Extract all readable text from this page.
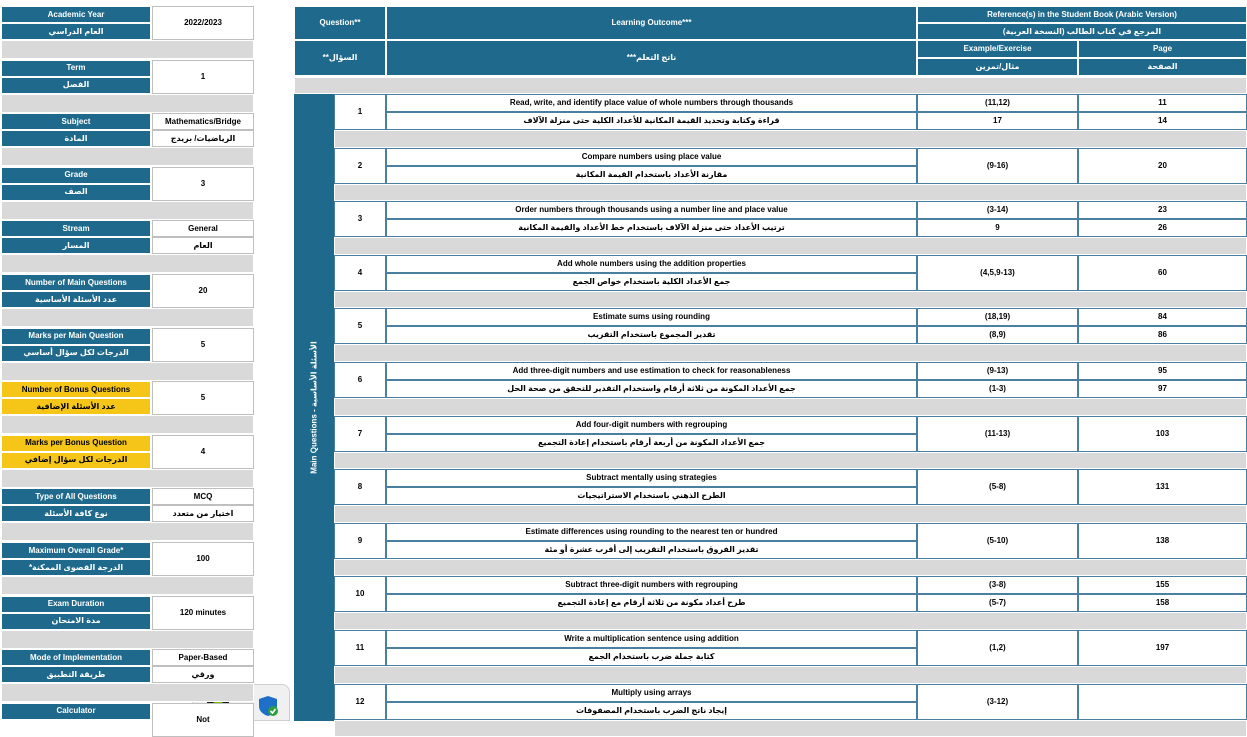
Academic Year
العام الدراسي
2022/2023
Term
الفصل
1
Subject
المادة
Mathematics/Bridge
الرياضيات/ بريدج
Grade
الصف
3
Stream
المسار
General
العام
Number of Main Questions
عدد الأسئلة الأساسية
20
Marks per Main Question
الدرجات لكل سؤال أساسي
5
Number of Bonus Questions
عدد الأسئلة الإضافية
5
Marks per Bonus Question
الدرجات لكل سؤال إضافي
4
Type of All Questions
نوع كافة الأسئلة
MCQ
اختيار من متعدد
Maximum Overall Grade*
الدرجة القصوى الممكنة*
100
Exam Duration
مدة الامتحان
120 minutes
Mode of Implementation
طريقة التطبيق
Paper-Based
ورقي
Calculator
Not
Question**
السؤال**
Learning Outcome***
ناتج التعلم***
Reference(s) in the Student Book (Arabic Version)
المرجع في كتاب الطالب (النسخة العربية)
Example/Exercise
مثال/تمرين
Page
الصفحة
Main Questions - الأسئلة الأساسية
1
Read, write, and identify place value of whole numbers through thousands
قراءة وكتابة وتحديد القيمة المكانية للأعداد الكلية حتى منزلة الآلاف
(11,12)	11
17	14
2
Compare numbers using place value
مقارنة الأعداد باستخدام القيمة المكانية
(9-16)	20
3
Order numbers through thousands using a number line and place value
ترتيب الأعداد حتى منزلة الآلاف باستخدام خط الأعداد والقيمة المكانية
(3-14)	23
9	26
4
Add whole numbers using the addition properties
جمع الأعداد الكلية باستخدام خواص الجمع
(4,5,9-13)	60
5
Estimate sums using rounding
تقدير المجموع باستخدام التقريب
(18,19)	84
(8,9)	86
6
Add three-digit numbers and use estimation to check for reasonableness
جمع الأعداد المكونة من ثلاثة أرقام واستخدام التقدير للتحقق من صحة الحل
(9-13)	95
(1-3)	97
7
Add four-digit numbers with regrouping
جمع الأعداد المكونة من أربعة أرقام باستخدام إعادة التجميع
(11-13)	103
8
Subtract mentally using strategies
الطرح الذهني باستخدام الاستراتيجيات
(5-8)	131
9
Estimate differences using rounding to the nearest ten or hundred
تقدير الفروق باستخدام التقريب إلى أقرب عشرة أو مئة
(5-10)	138
10
Subtract three-digit numbers with regrouping
طرح أعداد مكونة من ثلاثة أرقام مع إعادة التجميع
(3-8)	155
(5-7)	158
11
Write a multiplication sentence using addition
كتابة جملة ضرب باستخدام الجمع
(1,2)	197
12
Multiply using arrays
إيجاد ناتج الضرب باستخدام المصفوفات
(3-12)
